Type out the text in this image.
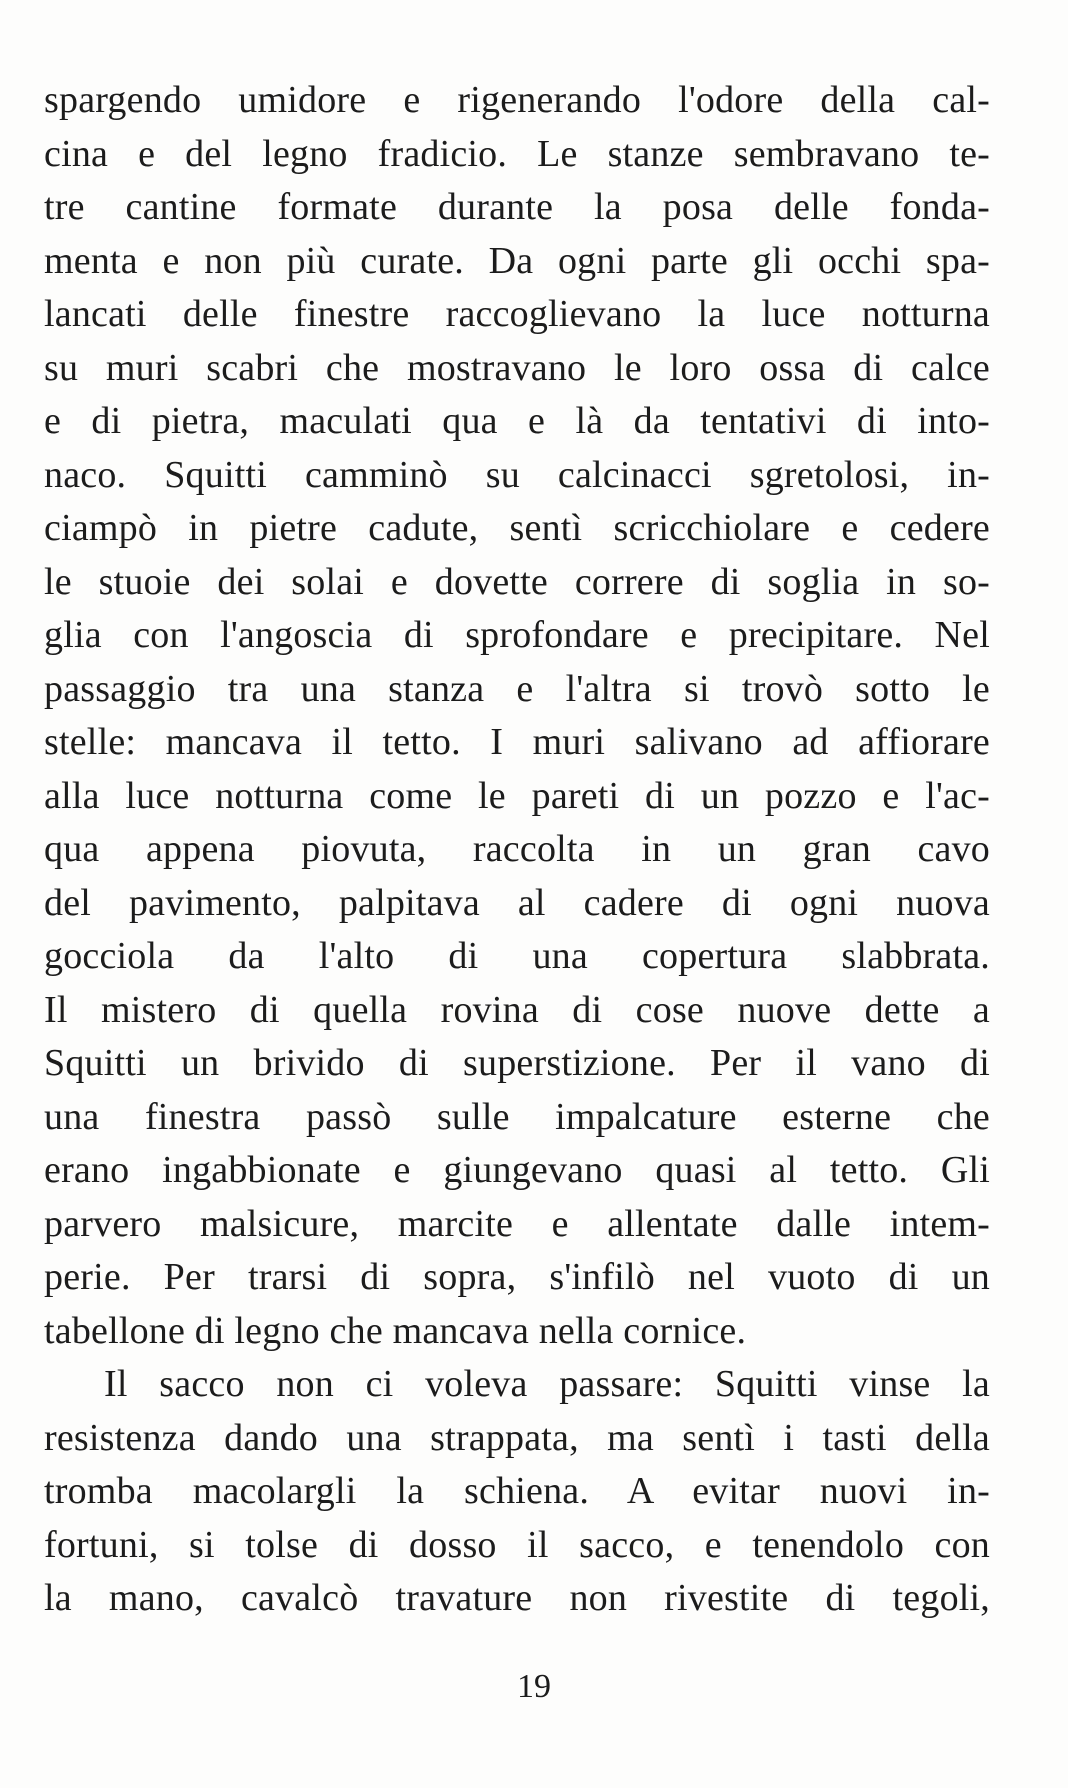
spargendo umidore e rigenerando l'odore della cal-
cina e del legno fradicio. Le stanze sembravano te-
tre cantine formate durante la posa delle fonda-
menta e non più curate. Da ogni parte gli occhi spa-
lancati delle finestre raccoglievano la luce notturna
su muri scabri che mostravano le loro ossa di calce
e di pietra, maculati qua e là da tentativi di into-
naco. Squitti camminò su calcinacci sgretolosi, in-
ciampò in pietre cadute, sentì scricchiolare e cedere
le stuoie dei solai e dovette correre di soglia in so-
glia con l'angoscia di sprofondare e precipitare. Nel
passaggio tra una stanza e l'altra si trovò sotto le
stelle: mancava il tetto. I muri salivano ad affiorare
alla luce notturna come le pareti di un pozzo e l'ac-
qua appena piovuta, raccolta in un gran cavo
del pavimento, palpitava al cadere di ogni nuova
gocciola da l'alto di una copertura slabbrata.
Il mistero di quella rovina di cose nuove dette a
Squitti un brivido di superstizione. Per il vano di
una finestra passò sulle impalcature esterne che
erano ingabbionate e giungevano quasi al tetto. Gli
parvero malsicure, marcite e allentate dalle intem-
perie. Per trarsi di sopra, s'infilò nel vuoto di un
tabellone di legno che mancava nella cornice.
Il sacco non ci voleva passare: Squitti vinse la
resistenza dando una strappata, ma sentì i tasti della
tromba macolargli la schiena. A evitar nuovi in-
fortuni, si tolse di dosso il sacco, e tenendolo con
la mano, cavalcò travature non rivestite di tegoli,
19
